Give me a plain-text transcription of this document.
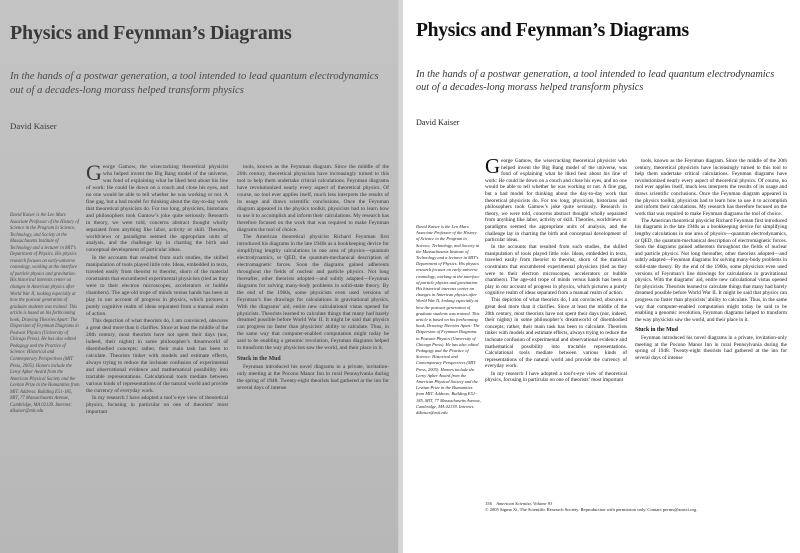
Physics and Feynman’s Diagrams
In the hands of a postwar generation, a tool intended to lead quantum electrodynamics out of a decades-long morass helped transform physics
David Kaiser
David Kaiser is the Leo Marx Associate Professor of the History of Science in the Program in Science, Technology, and Society at the Massachusetts Institute of Technology and a lecturer in MIT’s Department of Physics. His physics research focuses on early-universe cosmology, working at the interface of particle physics and gravitation. His historical interests center on changes in American physics after World War II, looking especially at how the postwar generation of graduate students was trained. This article is based on his forthcoming book, Drawing Theories Apart: The Dispersion of Feynman Diagrams in Postwar Physics (University of Chicago Press). He has also edited Pedagogy and the Practice of Science: Historical and Contemporary Perspectives (MIT Press, 2005). Honors include the Leroy Apker Award from the American Physical Society and the Levitan Prize in the Humanities from MIT. Address: Building E51-185, MIT, 77 Massachusetts Avenue, Cambridge, MA 02139. Internet: dikaiser@mit.edu

George Gamow, the wisecracking theoretical physicist who helped invent the Big Bang model of the universe, was fond of explaining what he liked best about his line of work: He could lie down on a couch and close his eyes, and no one would be able to tell whether he was working or not. A fine gag, but a bad model for thinking about the day-to-day work that theoretical physicists do. For too long, physicists, historians and philosophers took Gamow’s joke quite seriously. Research in theory, we were told, concerns abstract thought wholly separated from anything like labor, activity or skill. Theories, worldviews or paradigms seemed the appropriate units of analysis, and the challenge lay in charting the birth and conceptual development of particular ideas.

In the accounts that resulted from such studies, the skilled manipulation of tools played little role. Ideas, embedded in texts, traveled easily from theorist to theorist, shorn of the material constraints that encumbered experimental physicists (tied as they were to their electron microscopes, accelerators or bubble chambers). The age-old trope of minds versus hands has been at play in our account of progress in physics, which pictures a purely cognitive realm of ideas separated from a manual realm of action.

This depiction of what theorists do, I am convinced, obscures a great deal more than it clarifies. Since at least the middle of the 20th century, most theorists have not spent their days (nor, indeed, their nights) in some philosopher’s dreamworld of disembodied concepts; rather, their main task has been to calculate. Theorists tinker with models and estimate effects, always trying to reduce the inchoate confusion of experimental and observational evidence and mathematical possibility into tractable representations. Calculational tools mediate between various kinds of representations of the natural world and provide the currency of everyday work.

In my research I have adopted a tool’s-eye view of theoretical physics, focusing in particular on one of theorists’ most important

tools, known as the Feynman diagram. Since the middle of the 20th century, theoretical physicists have increasingly turned to this tool to help them undertake critical calculations. Feynman diagrams have revolutionized nearly every aspect of theoretical physics. Of course, no tool ever applies itself, much less interprets the results of its usage and draws scientific conclusions. Once the Feynman diagram appeared in the physics toolkit, physicists had to learn how to use it to accomplish and inform their calculations. My research has therefore focused on the work that was required to make Feynman diagrams the tool of choice.

The American theoretical physicist Richard Feynman first introduced his diagrams in the late 1940s as a bookkeeping device for simplifying lengthy calculations in one area of physics—quantum electrodynamics, or QED, the quantum-mechanical description of electromagnetic forces. Soon the diagrams gained adherents throughout the fields of nuclear and particle physics. Not long thereafter, other theorists adopted—and subtly adapted—Feynman diagrams for solving many-body problems in solid-state theory. By the end of the 1960s, some physicists even used versions of Feynman’s line drawings for calculations in gravitational physics. With the diagrams’ aid, entire new calculational vistas opened for physicists. Theorists learned to calculate things that many had barely dreamed possible before World War II. It might be said that physics can progress no faster than physicists’ ability to calculate. Thus, in the same way that computer-enabled computation might today be said to be enabling a genomic revolution, Feynman diagrams helped to transform the way physicists saw the world, and their place in it.

Stuck in the Mud

Feynman introduced his novel diagrams in a private, invitation-only meeting at the Pocono Manor Inn in rural Pennsylvania during the spring of 1948. Twenty-eight theorists had gathered at the inn for several days of intense

Physics and Feynman’s Diagrams
In the hands of a postwar generation, a tool intended to lead quantum electrodynamics out of a decades-long morass helped transform physics
David Kaiser
David Kaiser is the Leo Marx Associate Professor of the History of Science in the Program in Science, Technology, and Society at the Massachusetts Institute of Technology and a lecturer in MIT’s Department of Physics. His physics research focuses on early-universe cosmology, working at the interface of particle physics and gravitation. His historical interests center on changes in American physics after World War II, looking especially at how the postwar generation of graduate students was trained. This article is based on his forthcoming book, Drawing Theories Apart: The Dispersion of Feynman Diagrams in Postwar Physics (University of Chicago Press). He has also edited Pedagogy and the Practice of Science: Historical and Contemporary Perspectives (MIT Press, 2005). Honors include the Leroy Apker Award from the American Physical Society and the Levitan Prize in the Humanities from MIT. Address: Building E51-185, MIT, 77 Massachusetts Avenue, Cambridge, MA 02139. Internet: dikaiser@mit.edu

George Gamow, the wisecracking theoretical physicist who helped invent the Big Bang model of the universe, was fond of explaining what he liked best about his line of work: He could lie down on a couch and close his eyes, and no one would be able to tell whether he was working or not. A fine gag, but a bad model for thinking about the day-to-day work that theoretical physicists do. For too long, physicists, historians and philosophers took Gamow’s joke quite seriously. Research in theory, we were told, concerns abstract thought wholly separated from anything like labor, activity or skill. Theories, worldviews or paradigms seemed the appropriate units of analysis, and the challenge lay in charting the birth and conceptual development of particular ideas.

In the accounts that resulted from such studies, the skilled manipulation of tools played little role. Ideas, embedded in texts, traveled easily from theorist to theorist, shorn of the material constraints that encumbered experimental physicists (tied as they were to their electron microscopes, accelerators or bubble chambers). The age-old trope of minds versus hands has been at play in our account of progress in physics, which pictures a purely cognitive realm of ideas separated from a manual realm of action.

This depiction of what theorists do, I am convinced, obscures a great deal more than it clarifies. Since at least the middle of the 20th century, most theorists have not spent their days (nor, indeed, their nights) in some philosopher’s dreamworld of disembodied concepts; rather, their main task has been to calculate. Theorists tinker with models and estimate effects, always trying to reduce the inchoate confusion of experimental and observational evidence and mathematical possibility into tractable representations. Calculational tools mediate between various kinds of representations of the natural world and provide the currency of everyday work.

In my research I have adopted a tool’s-eye view of theoretical physics, focusing in particular on one of theorists’ most important

tools, known as the Feynman diagram. Since the middle of the 20th century, theoretical physicists have increasingly turned to this tool to help them undertake critical calculations. Feynman diagrams have revolutionized nearly every aspect of theoretical physics. Of course, no tool ever applies itself, much less interprets the results of its usage and draws scientific conclusions. Once the Feynman diagram appeared in the physics toolkit, physicists had to learn how to use it to accomplish and inform their calculations. My research has therefore focused on the work that was required to make Feynman diagrams the tool of choice.

The American theoretical physicist Richard Feynman first introduced his diagrams in the late 1940s as a bookkeeping device for simplifying lengthy calculations in one area of physics—quantum electrodynamics, or QED, the quantum-mechanical description of electromagnetic forces. Soon the diagrams gained adherents throughout the fields of nuclear and particle physics. Not long thereafter, other theorists adopted—and subtly adapted—Feynman diagrams for solving many-body problems in solid-state theory. By the end of the 1960s, some physicists even used versions of Feynman’s line drawings for calculations in gravitational physics. With the diagrams’ aid, entire new calculational vistas opened for physicists. Theorists learned to calculate things that many had barely dreamed possible before World War II. It might be said that physics can progress no faster than physicists’ ability to calculate. Thus, in the same way that computer-enabled computation might today be said to be enabling a genomic revolution, Feynman diagrams helped to transform the way physicists saw the world, and their place in it.

Stuck in the Mud

Feynman introduced his novel diagrams in a private, invitation-only meeting at the Pocono Manor Inn in rural Pennsylvania during the spring of 1948. Twenty-eight theorists had gathered at the inn for several days of intense

156 American Scientist, Volume 93 © 2005 Sigma Xi, The Scientific Research Society. Reproduction with permission only. Contact perms@amsci.org.
